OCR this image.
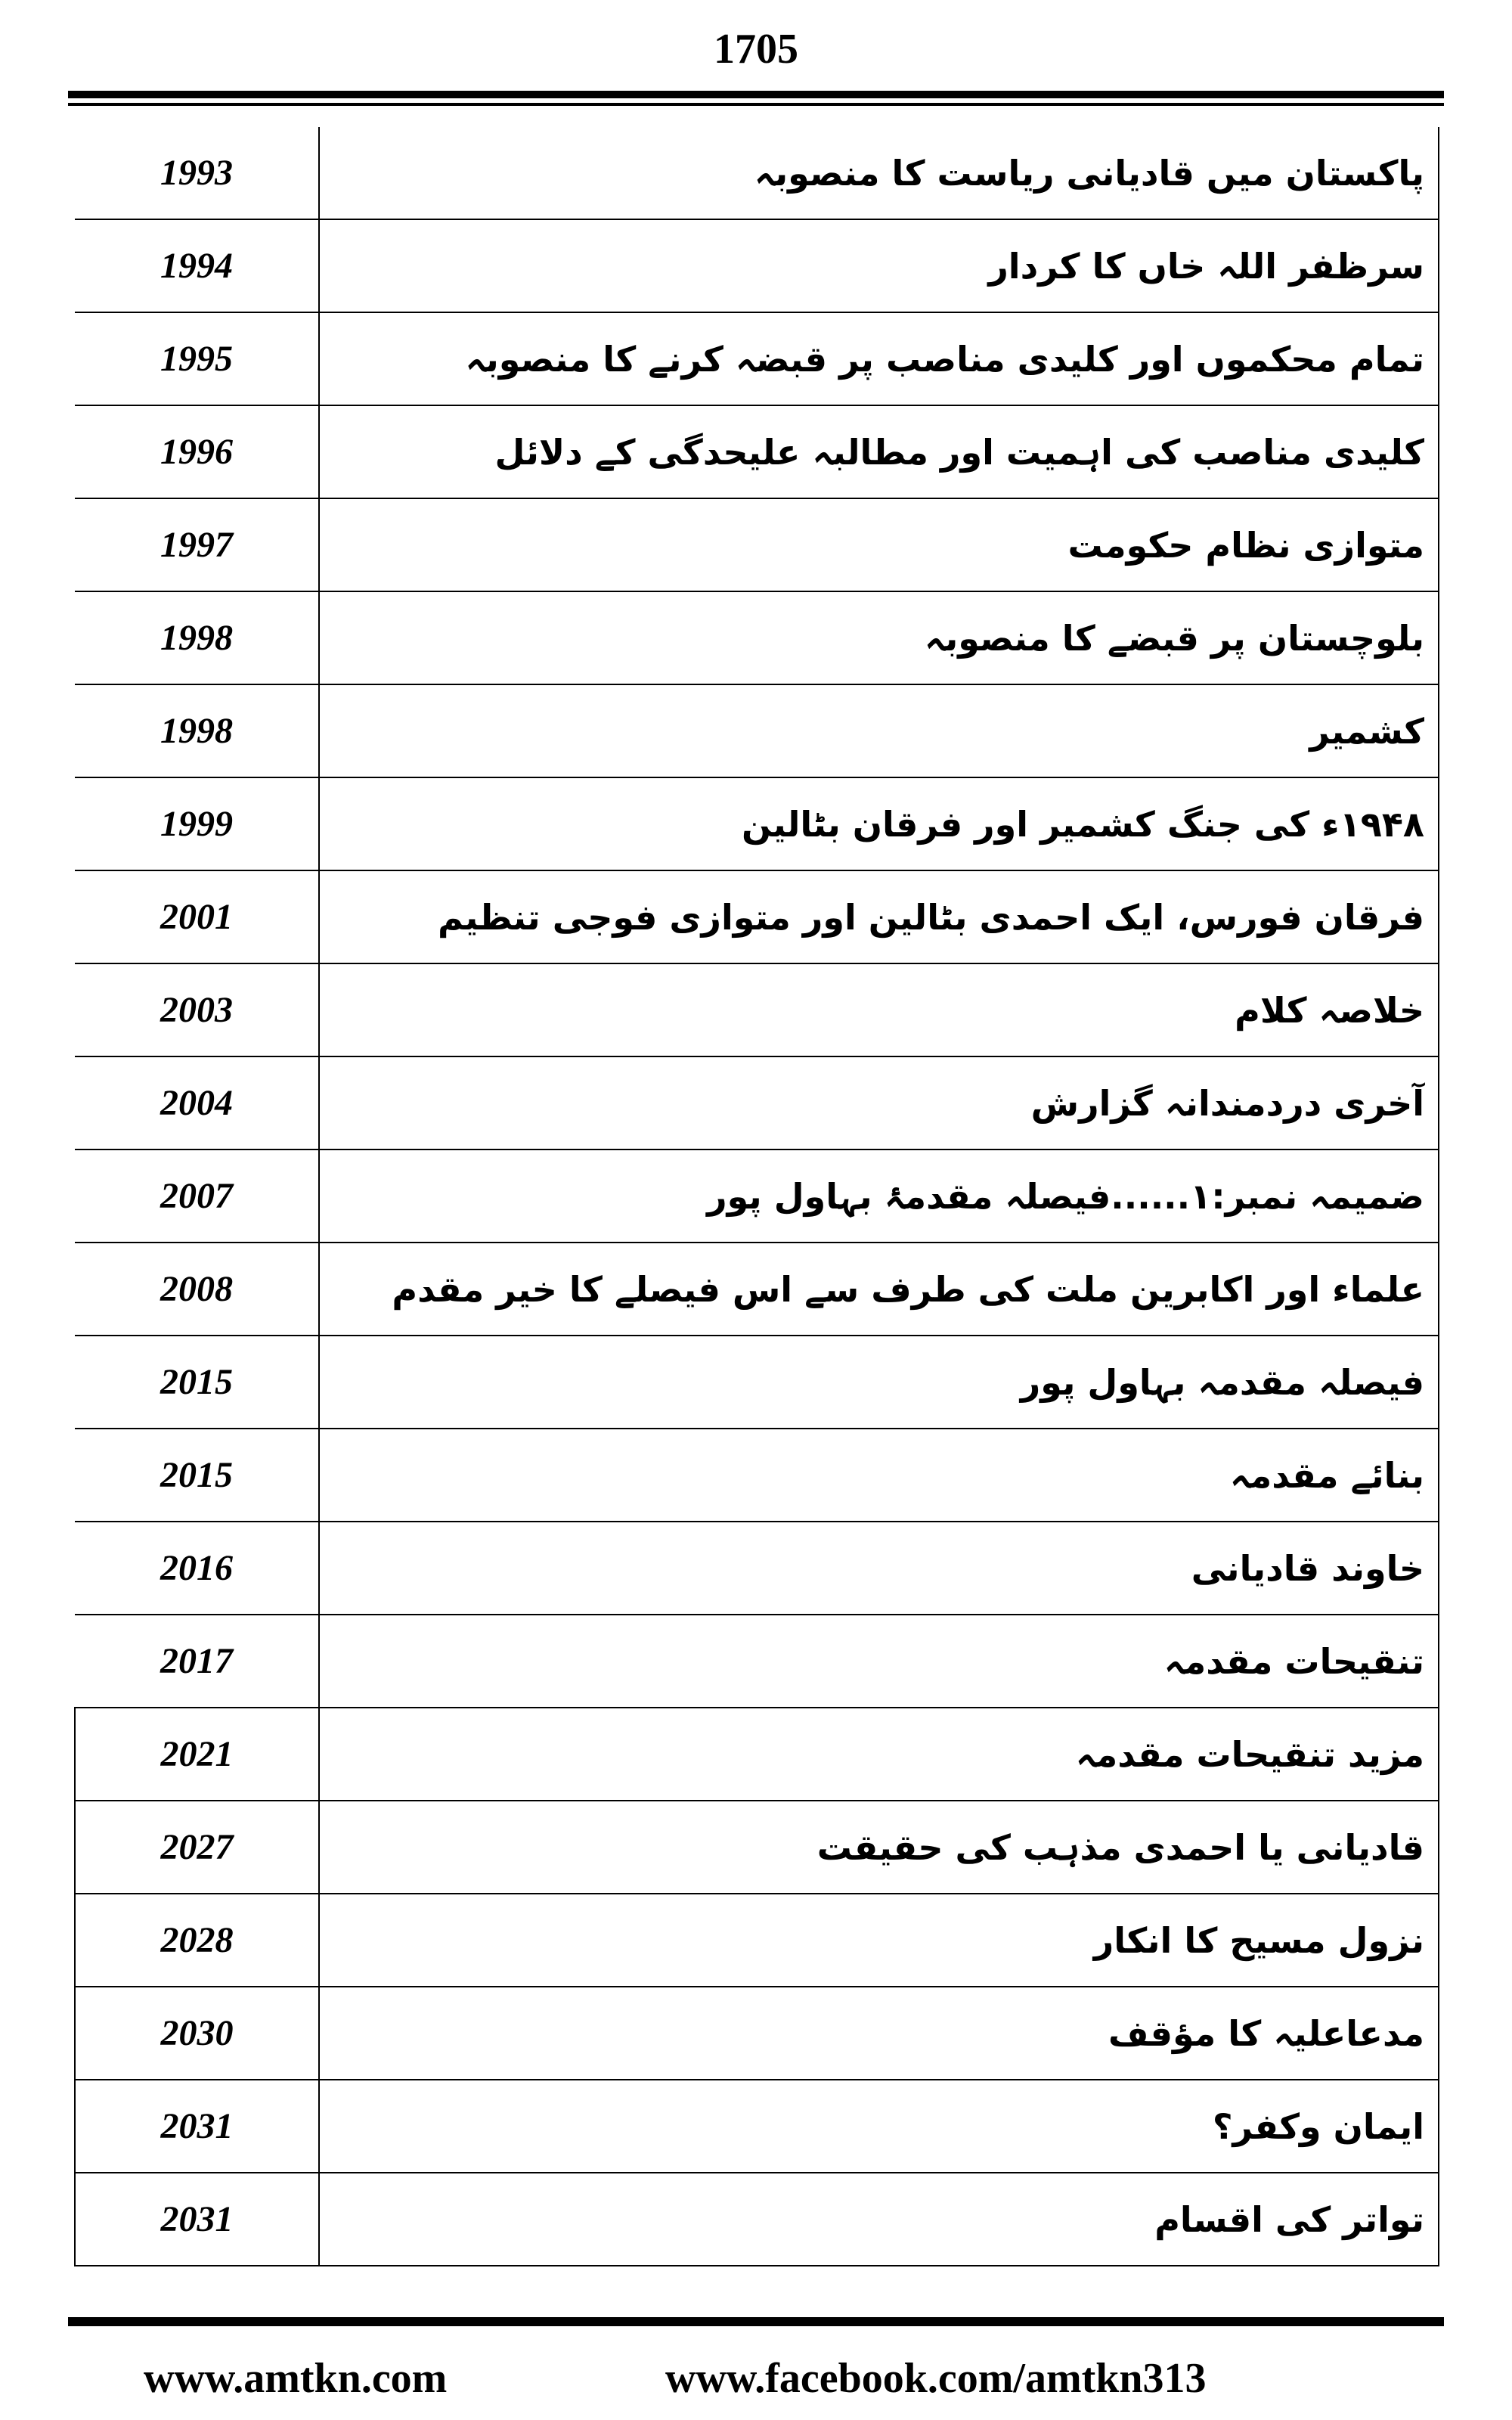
1705
1993	پاکستان میں قادیانی ریاست کا منصوبہ
1994	سرظفر اللہ خاں کا کردار
1995	تمام محکموں اور کلیدی مناصب پر قبضہ کرنے کا منصوبہ
1996	کلیدی مناصب کی اہمیت اور مطالبہ علیحدگی کے دلائل
1997	متوازی نظام حکومت
1998	بلوچستان پر قبضے کا منصوبہ
1998	کشمیر
1999	۱۹۴۸ء کی جنگ کشمیر اور فرقان بٹالین
2001	فرقان فورس، ایک احمدی بٹالین اور متوازی فوجی تنظیم
2003	خلاصہ کلام
2004	آخری دردمندانہ گزارش
2007	ضمیمہ نمبر:۱......فیصلہ مقدمۂ بہاول پور
2008	علماء اور اکابرین ملت کی طرف سے اس فیصلے کا خیر مقدم
2015	فیصلہ مقدمہ بہاول پور
2015	بنائے مقدمہ
2016	خاوند قادیانی
2017	تنقیحات مقدمہ
2021	مزید تنقیحات مقدمہ
2027	قادیانی یا احمدی مذہب کی حقیقت
2028	نزول مسیح کا انکار
2030	مدعاعلیہ کا مؤقف
2031	ایمان وکفر؟
2031	تواتر کی اقسام
www.amtkn.com	www.facebook.com/amtkn313
